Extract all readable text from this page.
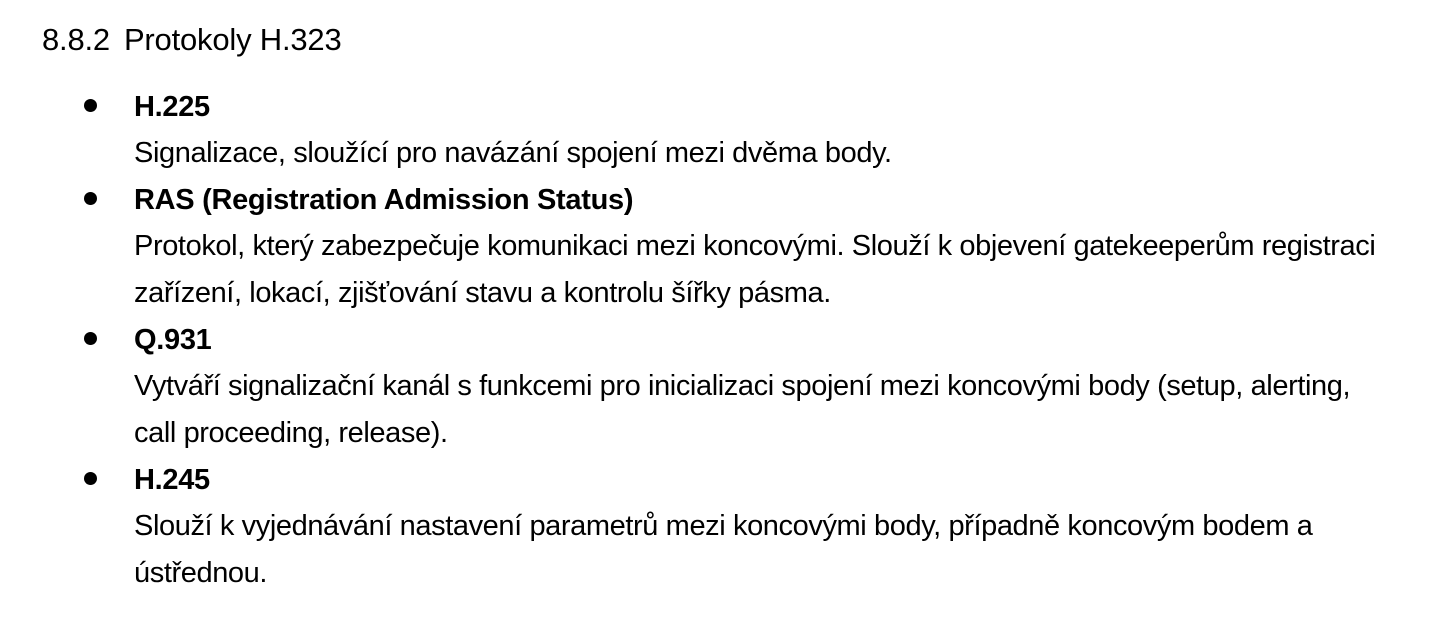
8.8.2 Protokoly H.323
H.225
Signalizace, sloužící pro navázání spojení mezi dvěma body.
RAS (Registration Admission Status)
Protokol, který zabezpečuje komunikaci mezi koncovými. Slouží k objevení gatekeeperům registraci zařízení, lokací, zjišťování stavu a kontrolu šířky pásma.
Q.931
Vytváří signalizační kanál s funkcemi pro inicializaci spojení mezi koncovými body (setup, alerting, call proceeding, release).
H.245
Slouží k vyjednávání nastavení parametrů mezi koncovými body, případně koncovým bodem a ústřednou.
